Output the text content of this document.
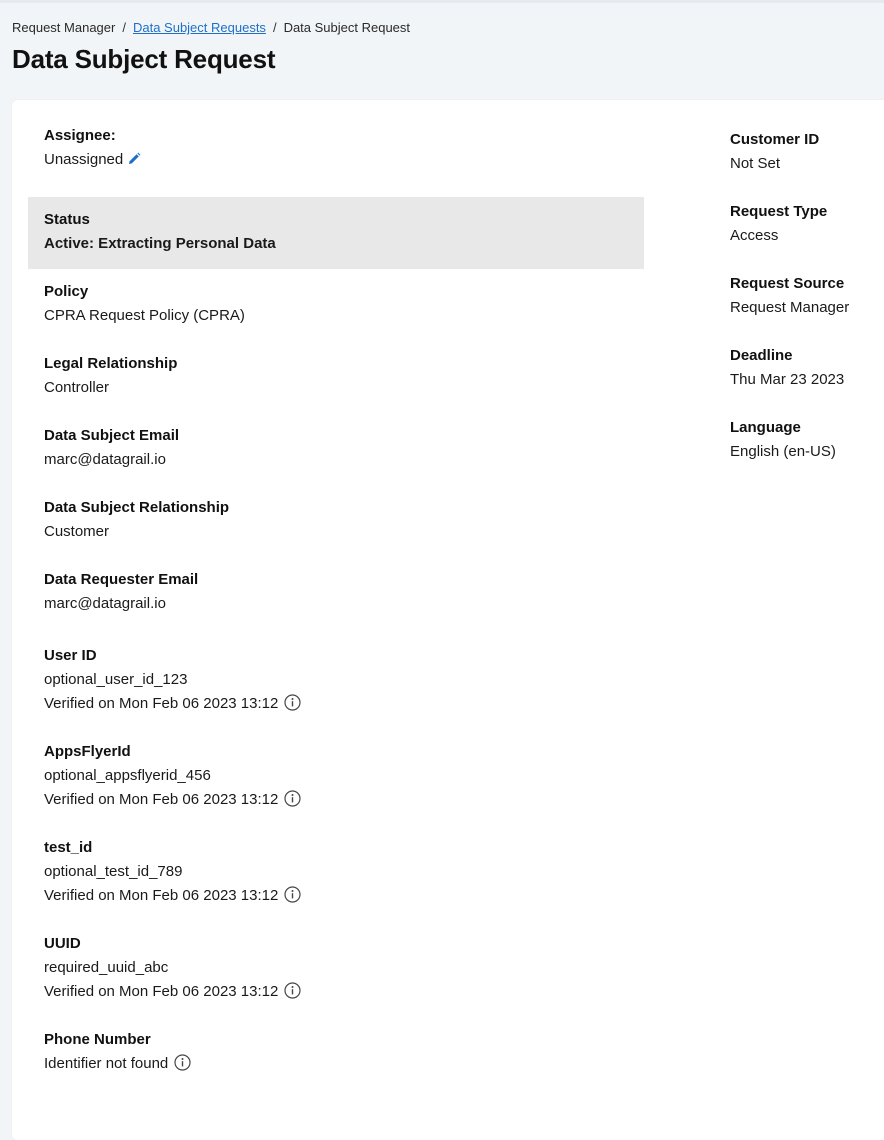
Request Manager / Data Subject Requests / Data Subject Request
Data Subject Request
Assignee:
Unassigned
Status
Active: Extracting Personal Data
Policy
CPRA Request Policy (CPRA)
Legal Relationship
Controller
Data Subject Email
marc@datagrail.io
Data Subject Relationship
Customer
Data Requester Email
marc@datagrail.io
User ID
optional_user_id_123
Verified on Mon Feb 06 2023 13:12
AppsFlyerId
optional_appsflyerid_456
Verified on Mon Feb 06 2023 13:12
test_id
optional_test_id_789
Verified on Mon Feb 06 2023 13:12
UUID
required_uuid_abc
Verified on Mon Feb 06 2023 13:12
Phone Number
Identifier not found
Customer ID
Not Set
Request Type
Access
Request Source
Request Manager
Deadline
Thu Mar 23 2023
Language
English (en-US)
